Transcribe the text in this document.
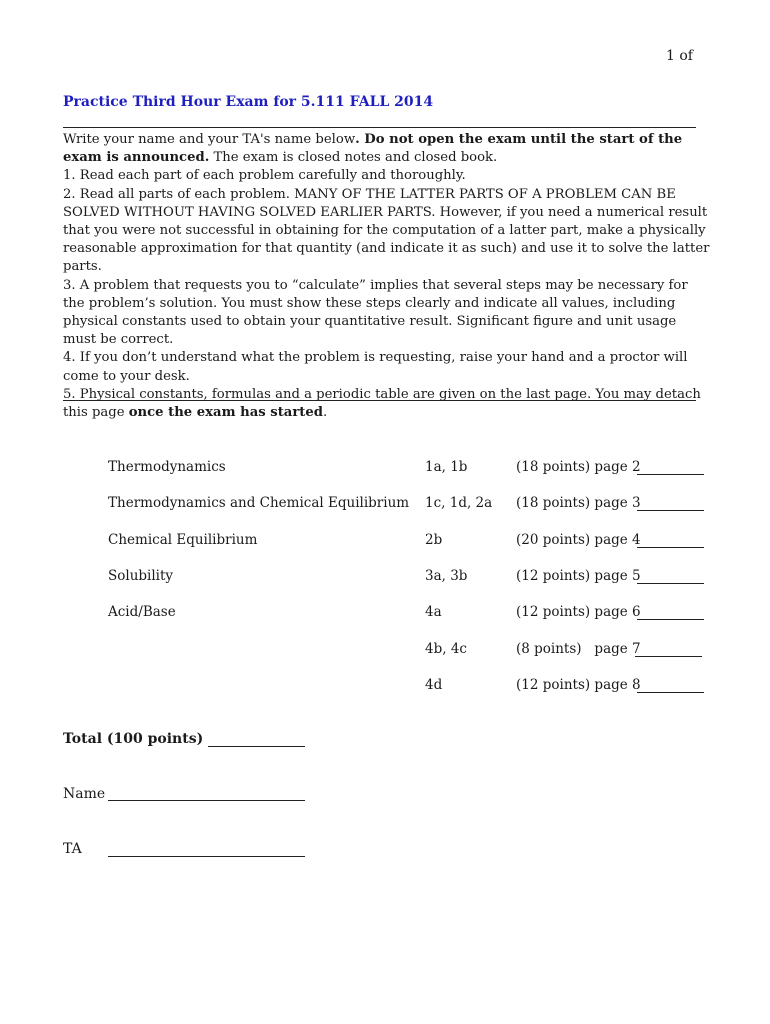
1 of
Practice Third Hour Exam for 5.111 FALL 2014

Write your name and your TA's name below. Do not open the exam until the start of the exam is announced. The exam is closed notes and closed book.

1. Read each part of each problem carefully and thoroughly.

2. Read all parts of each problem. MANY OF THE LATTER PARTS OF A PROBLEM CAN BE SOLVED WITHOUT HAVING SOLVED EARLIER PARTS. However, if you need a numerical result that you were not successful in obtaining for the computation of a latter part, make a physically reasonable approximation for that quantity (and indicate it as such) and use it to solve the latter parts.

3. A problem that requests you to “calculate” implies that several steps may be necessary for the problem’s solution. You must show these steps clearly and indicate all values, including physical constants used to obtain your quantitative result. Significant figure and unit usage must be correct.

4. If you don’t understand what the problem is requesting, raise your hand and a proctor will come to your desk.

5. Physical constants, formulas and a periodic table are given on the last page. You may detach this page once the exam has started.

Thermodynamics	1a, 1b	(18 points) page 2
Thermodynamics and Chemical Equilibrium 1c, 1d, 2a (18 points) page 3
Chemical Equilibrium	2b	(20 points) page 4
Solubility	3a, 3b	(12 points) page 5
Acid/Base	4a	(12 points) page 6
4b, 4c	(8 points)   page 7
4d	(12 points) page 8
Total (100 points)
Name
TA
